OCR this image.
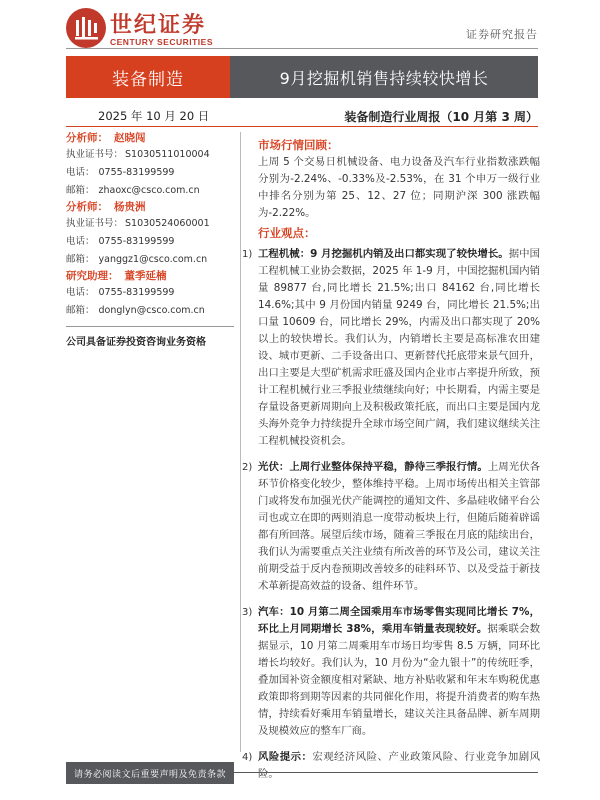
世纪证券
CENTURY SECURITIES
证券研究报告
装备制造	9月挖掘机销售持续较快增长
2025 年 10 月 20 日	装备制造行业周报（10 月第 3 周）
分析师： 赵晓闯
执业证书号： S1030511010004
电话： 0755-83199599
邮箱： zhaoxc@csco.com.cn
分析师： 杨贵洲
执业证书号： S1030524060001
电话： 0755-83199599
邮箱： yanggz1@csco.com.cn
研究助理： 董季延楠
电话： 0755-83199599
邮箱： donglyn@csco.com.cn
公司具备证券投资咨询业务资格
市场行情回顾：
上周 5 个交易日机械设备、电力设备及汽车行业指数涨跌幅分别为-2.24%、-0.33%及-2.53%，在 31 个申万一级行业中排名分别为第 25、12、27 位；同期沪深 300 涨跌幅为-2.22%。
行业观点：
1) 工程机械：9 月挖掘机内销及出口都实现了较快增长。据中国工程机械工业协会数据，2025 年 1-9 月，中国挖掘机国内销量 89877 台,同比增长 21.5%;出口 84162 台,同比增长 14.6%;其中 9 月份国内销量 9249 台，同比增长 21.5%;出口量 10609 台，同比增长 29%，内需及出口都实现了 20%以上的较快增长。我们认为，内销增长主要是高标准农田建设、城市更新、二手设备出口、更新替代托底带来景气回升，出口主要是大型矿机需求旺盛及国内企业市占率提升所致，预计工程机械行业三季报业绩继续向好；中长期看，内需主要是存量设备更新周期向上及积极政策托底，而出口主要是国内龙头海外竞争力持续提升全球市场空间广阔，我们建议继续关注工程机械投资机会。
2) 光伏：上周行业整体保持平稳，静待三季报行情。上周光伏各环节价格变化较少，整体维持平稳。上周市场传出相关主管部门或将发布加强光伏产能调控的通知文件、多晶硅收储平台公司也或立在即的两则消息一度带动板块上行，但随后随着辟谣都有所回落。展望后续市场，随着三季报在月底的陆续出台，我们认为需要重点关注业绩有所改善的环节及公司，建议关注前期受益于反内卷预期改善较多的硅料环节、以及受益于新技术革新提高效益的设备、组件环节。
3) 汽车：10 月第二周全国乘用车市场零售实现同比增长 7%，环比上月同期增长 38%，乘用车销量表现较好。据乘联会数据显示，10 月第二周乘用车市场日均零售 8.5 万辆，同环比增长均较好。我们认为，10 月份为“金九银十”的传统旺季，叠加国补资金额度相对紧缺、地方补贴收紧和年末车购税优惠政策即将到期等因素的共同催化作用，将提升消费者的购车热情，持续看好乘用车销量增长，建议关注具备品牌、新车周期及规模效应的整车厂商。
4) 风险提示：宏观经济风险、产业政策风险、行业竞争加剧风险。
请务必阅读文后重要声明及免责条款
